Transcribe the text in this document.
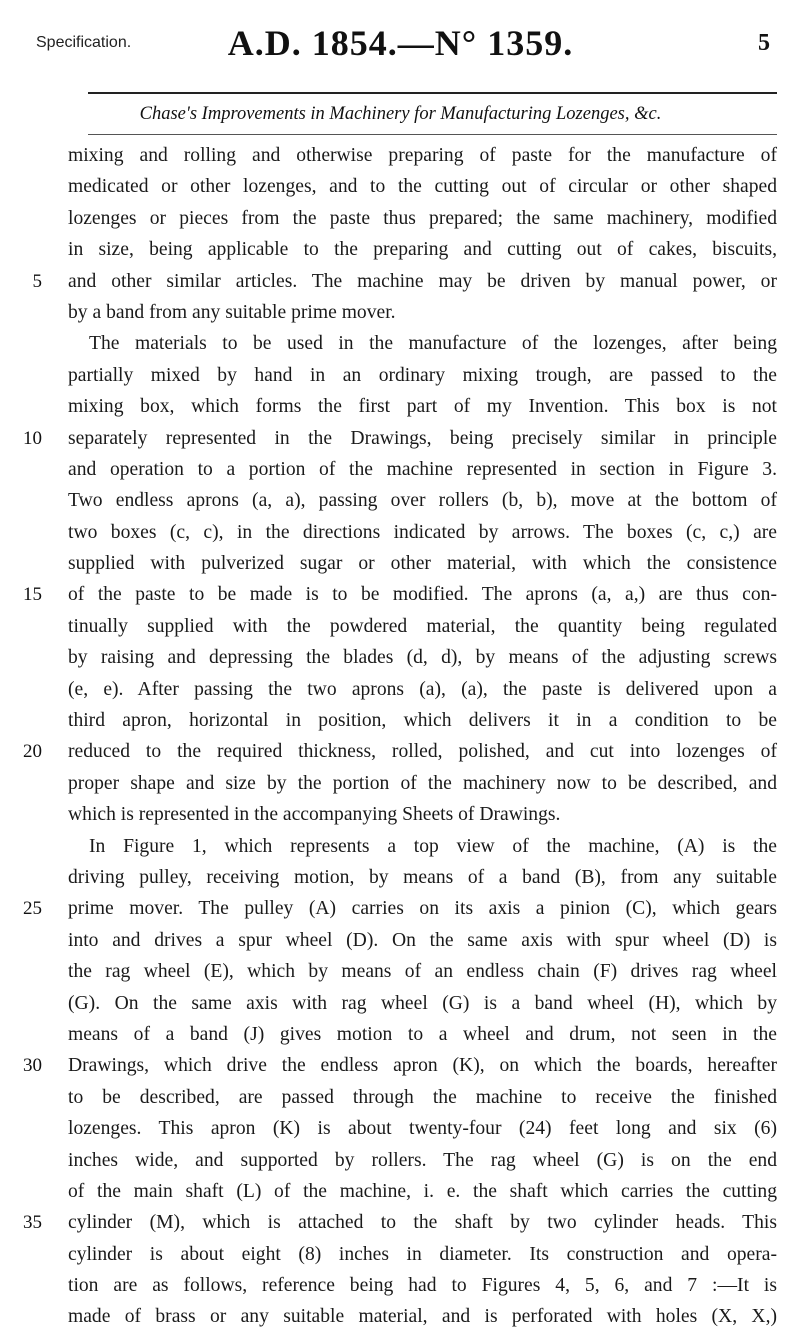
Specification.	A.D. 1854.—N° 1359.	5
Chase's Improvements in Machinery for Manufacturing Lozenges, &c.
mixing and rolling and otherwise preparing of paste for the manufacture of
medicated or other lozenges, and to the cutting out of circular or other shaped
lozenges or pieces from the paste thus prepared; the same machinery, modified
in size, being applicable to the preparing and cutting out of cakes, biscuits,
5 and other similar articles. The machine may be driven by manual power, or
by a band from any suitable prime mover.
The materials to be used in the manufacture of the lozenges, after being
partially mixed by hand in an ordinary mixing trough, are passed to the
mixing box, which forms the first part of my Invention. This box is not
10 separately represented in the Drawings, being precisely similar in principle
and operation to a portion of the machine represented in section in Figure 3.
Two endless aprons (a, a), passing over rollers (b, b), move at the bottom of
two boxes (c, c), in the directions indicated by arrows. The boxes (c, c,) are
supplied with pulverized sugar or other material, with which the consistence
15 of the paste to be made is to be modified. The aprons (a, a,) are thus con-
tinually supplied with the powdered material, the quantity being regulated
by raising and depressing the blades (d, d), by means of the adjusting screws
(e, e). After passing the two aprons (a), (a), the paste is delivered upon a
third apron, horizontal in position, which delivers it in a condition to be
20 reduced to the required thickness, rolled, polished, and cut into lozenges of
proper shape and size by the portion of the machinery now to be described, and
which is represented in the accompanying Sheets of Drawings.
In Figure 1, which represents a top view of the machine, (A) is the
driving pulley, receiving motion, by means of a band (B), from any suitable
25 prime mover. The pulley (A) carries on its axis a pinion (C), which gears
into and drives a spur wheel (D). On the same axis with spur wheel (D) is
the rag wheel (E), which by means of an endless chain (F) drives rag wheel
(G). On the same axis with rag wheel (G) is a band wheel (H), which by
means of a band (J) gives motion to a wheel and drum, not seen in the
30 Drawings, which drive the endless apron (K), on which the boards, hereafter
to be described, are passed through the machine to receive the finished
lozenges. This apron (K) is about twenty-four (24) feet long and six (6)
inches wide, and supported by rollers. The rag wheel (G) is on the end
of the main shaft (L) of the machine, i. e. the shaft which carries the cutting
35 cylinder (M), which is attached to the shaft by two cylinder heads. This
cylinder is about eight (8) inches in diameter. Its construction and opera-
tion are as follows, reference being had to Figures 4, 5, 6, and 7 :—It is
made of brass or any suitable material, and is perforated with holes (X, X,)
